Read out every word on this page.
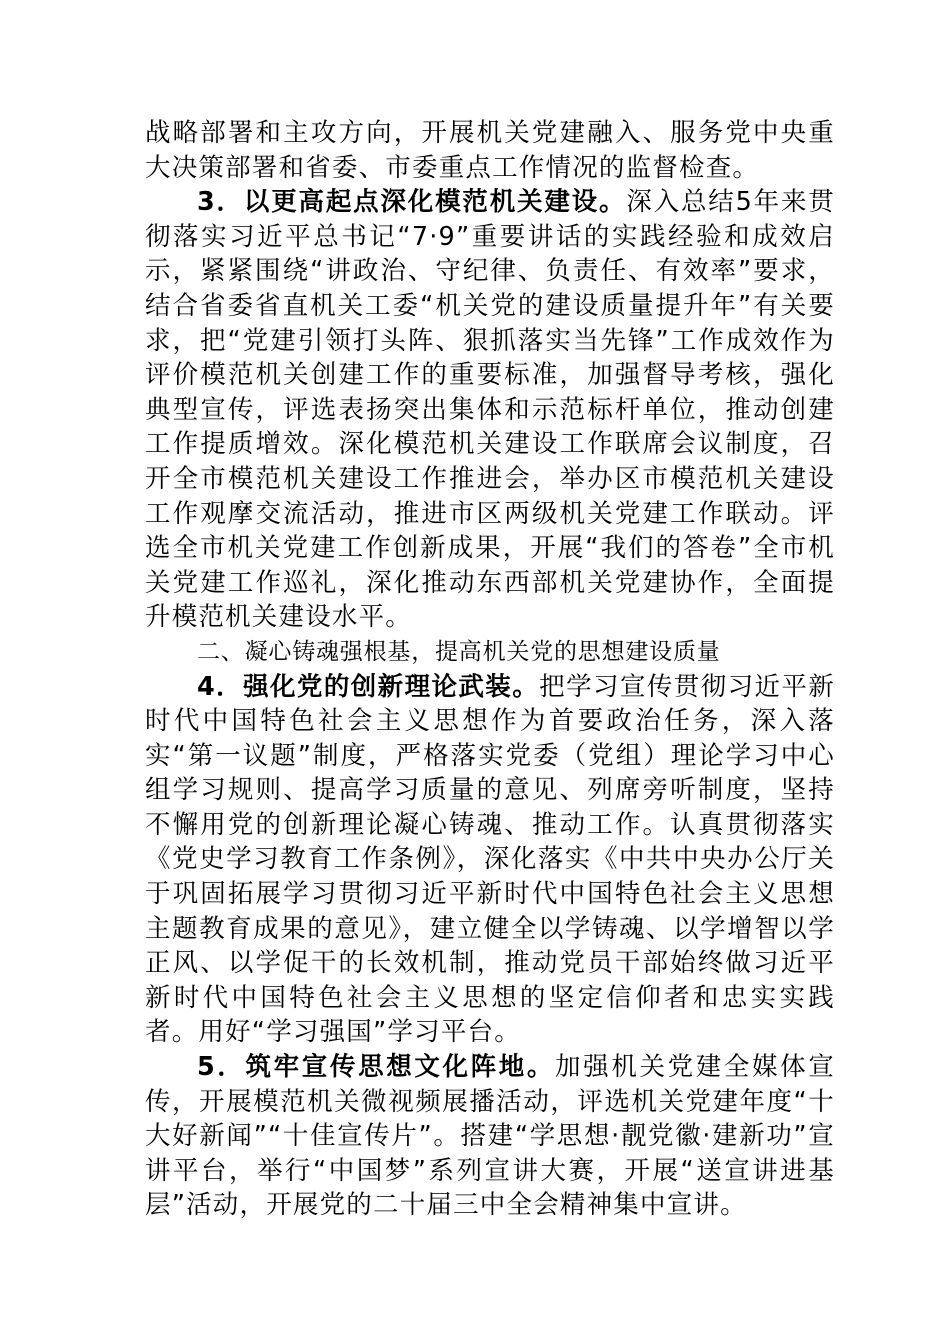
战略部署和主攻方向，开展机关党建融入、服务党中央重大决策部署和省委、市委重点工作情况的监督检查。

3．以更高起点深化模范机关建设。深入总结5年来贯彻落实习近平总书记“7·9”重要讲话的实践经验和成效启示，紧紧围绕“讲政治、守纪律、负责任、有效率”要求，结合省委省直机关工委“机关党的建设质量提升年”有关要求，把“党建引领打头阵、狠抓落实当先锋”工作成效作为评价模范机关创建工作的重要标准，加强督导考核，强化典型宣传，评选表扬突出集体和示范标杆单位，推动创建工作提质增效。深化模范机关建设工作联席会议制度，召开全市模范机关建设工作推进会，举办区市模范机关建设工作观摩交流活动，推进市区两级机关党建工作联动。评选全市机关党建工作创新成果，开展“我们的答卷”全市机关党建工作巡礼，深化推动东西部机关党建协作，全面提升模范机关建设水平。

二、凝心铸魂强根基，提高机关党的思想建设质量

4．强化党的创新理论武装。把学习宣传贯彻习近平新时代中国特色社会主义思想作为首要政治任务，深入落实“第一议题”制度，严格落实党委（党组）理论学习中心组学习规则、提高学习质量的意见、列席旁听制度，坚持不懈用党的创新理论凝心铸魂、推动工作。认真贯彻落实《党史学习教育工作条例》，深化落实《中共中央办公厅关于巩固拓展学习贯彻习近平新时代中国特色社会主义思想主题教育成果的意见》，建立健全以学铸魂、以学增智以学正风、以学促干的长效机制，推动党员干部始终做习近平新时代中国特色社会主义思想的坚定信仰者和忠实实践者。用好“学习强国”学习平台。

5．筑牢宣传思想文化阵地。加强机关党建全媒体宣传，开展模范机关微视频展播活动，评选机关党建年度“十大好新闻”“十佳宣传片”。搭建“学思想·靓党徽·建新功”宣讲平台，举行“中国梦”系列宣讲大赛，开展“送宣讲进基层”活动，开展党的二十届三中全会精神集中宣讲。
